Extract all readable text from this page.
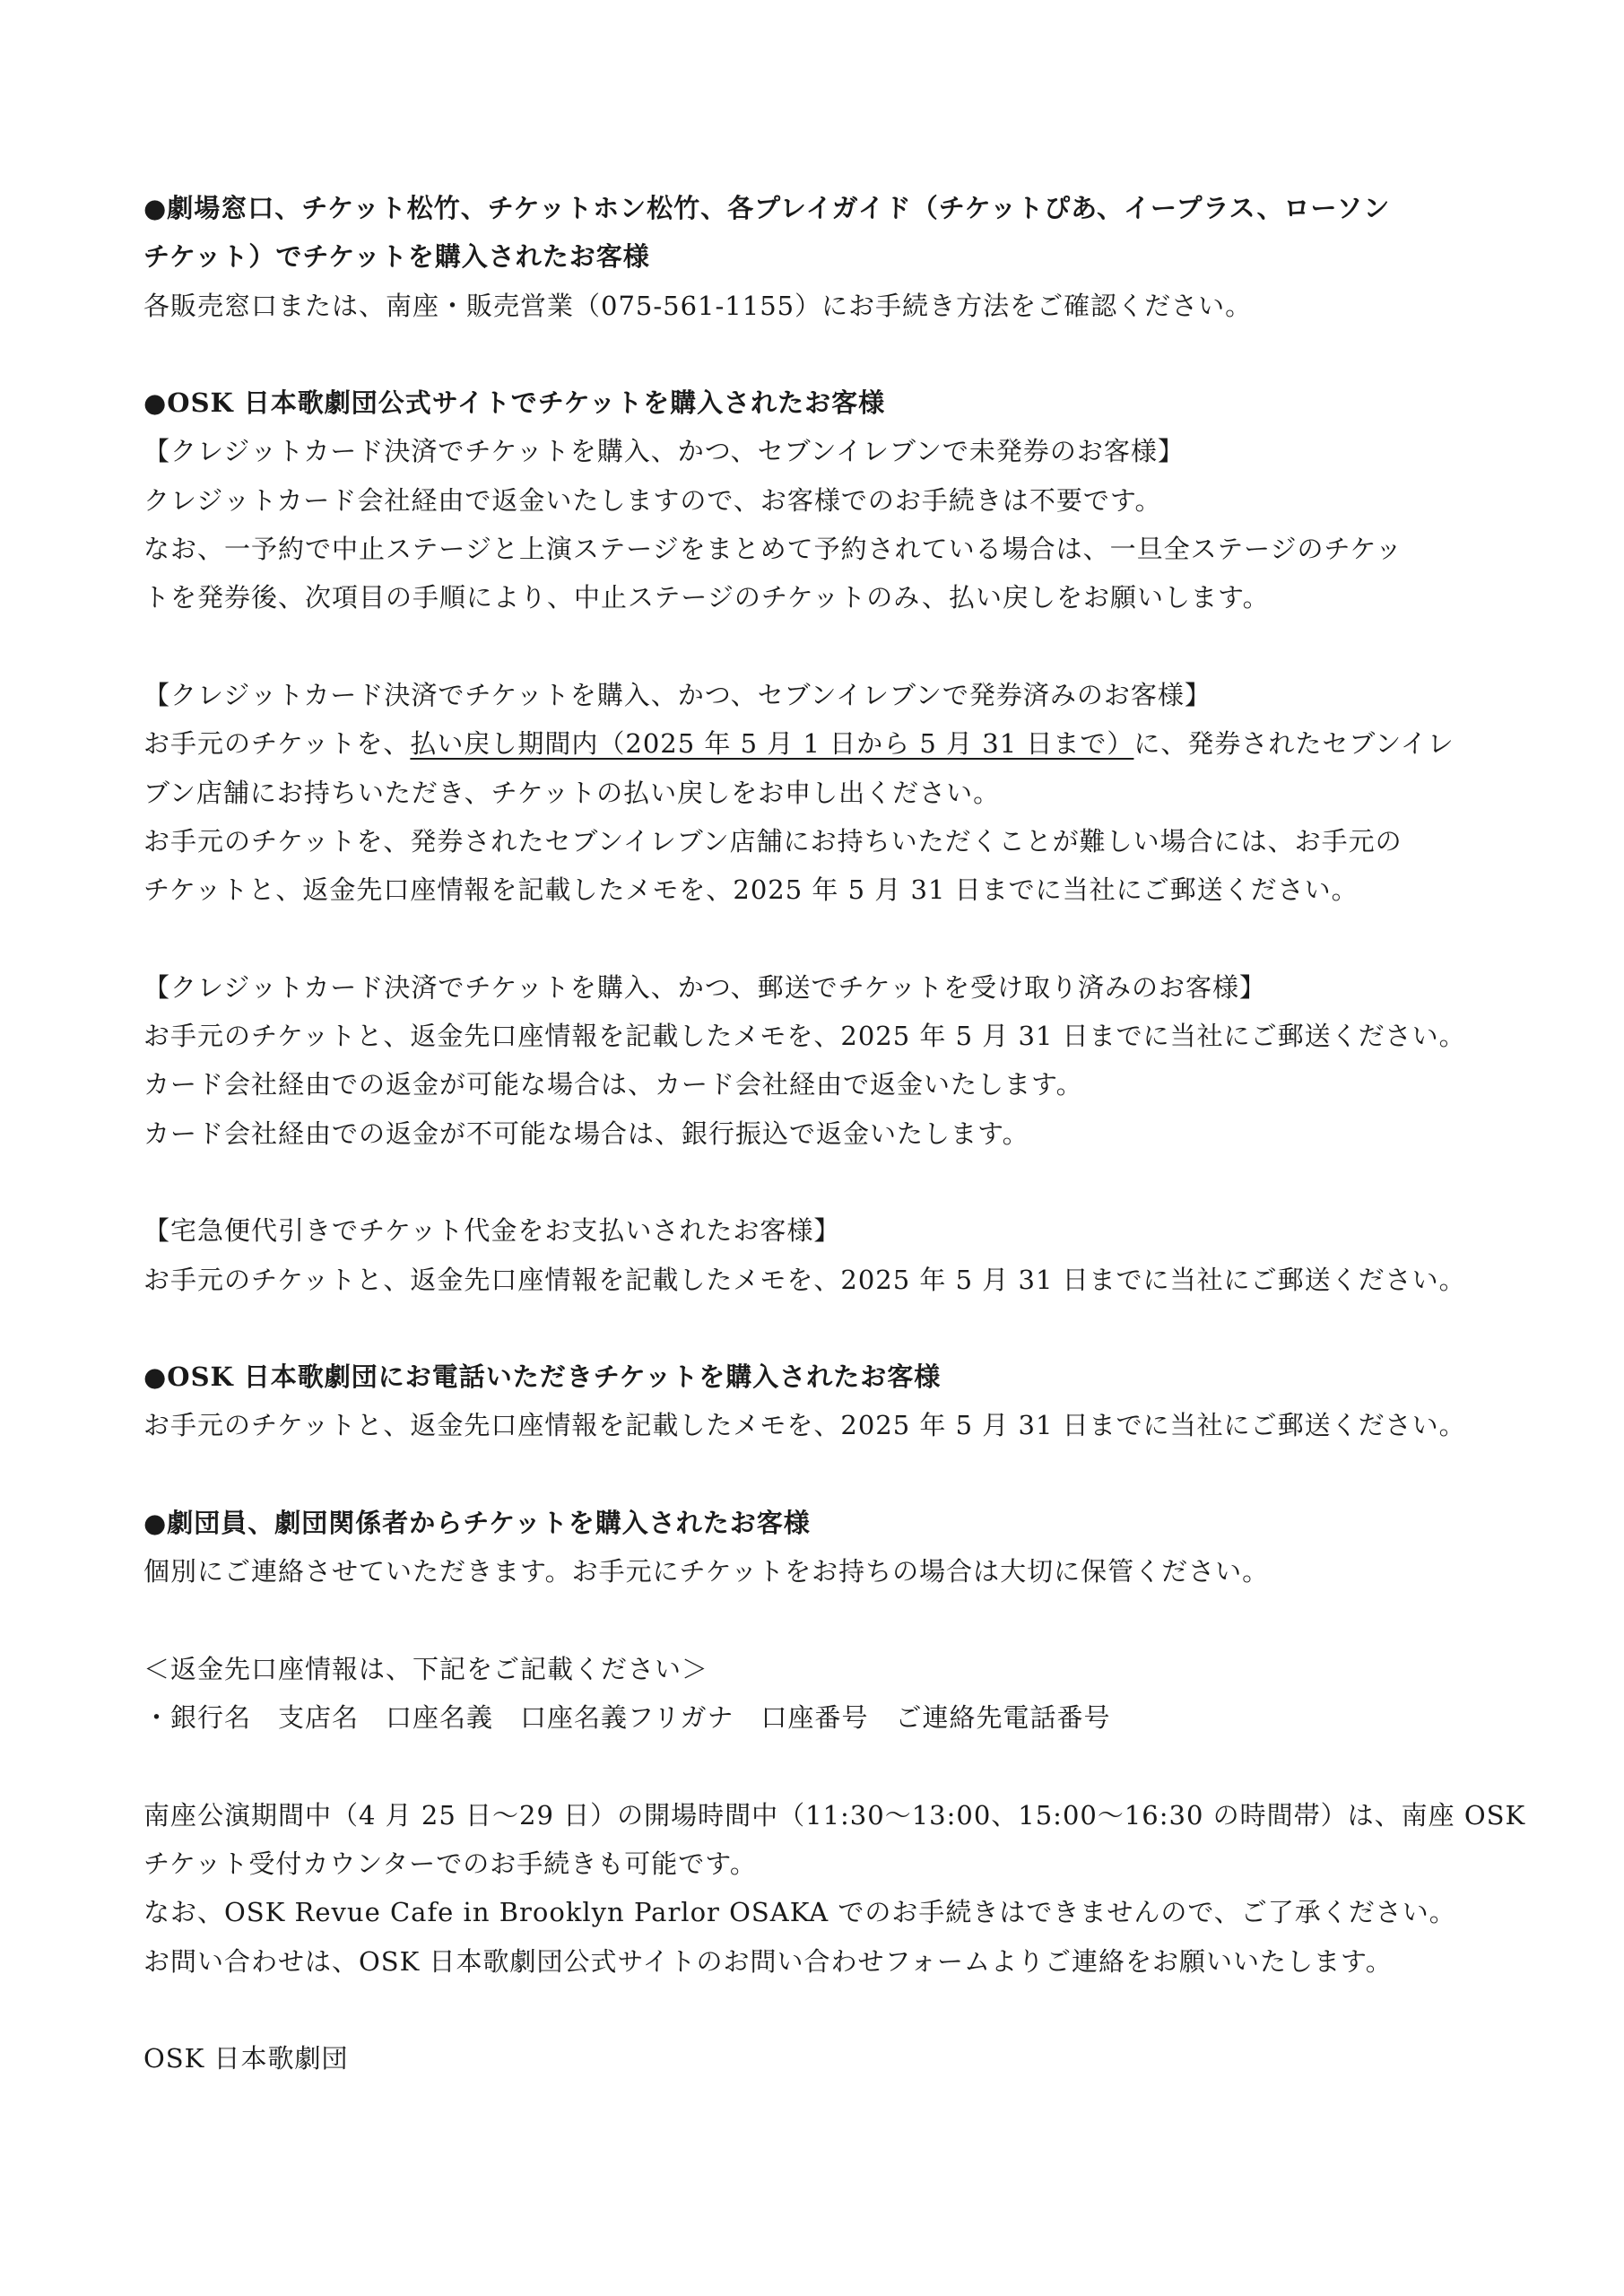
●劇場窓口、チケット松竹、チケットホン松竹、各プレイガイド（チケットぴあ、イープラス、ローソン
チケット）でチケットを購入されたお客様
各販売窓口または、南座・販売営業（075-561-1155）にお手続き方法をご確認ください。
●OSK 日本歌劇団公式サイトでチケットを購入されたお客様
【クレジットカード決済でチケットを購入、かつ、セブンイレブンで未発券のお客様】
クレジットカード会社経由で返金いたしますので、お客様でのお手続きは不要です。
なお、一予約で中止ステージと上演ステージをまとめて予約されている場合は、一旦全ステージのチケッ
トを発券後、次項目の手順により、中止ステージのチケットのみ、払い戻しをお願いします。
【クレジットカード決済でチケットを購入、かつ、セブンイレブンで発券済みのお客様】
お手元のチケットを、払い戻し期間内（2025 年 5 月 1 日から 5 月 31 日まで）に、発券されたセブンイレ
ブン店舗にお持ちいただき、チケットの払い戻しをお申し出ください。
お手元のチケットを、発券されたセブンイレブン店舗にお持ちいただくことが難しい場合には、お手元の
チケットと、返金先口座情報を記載したメモを、2025 年 5 月 31 日までに当社にご郵送ください。
【クレジットカード決済でチケットを購入、かつ、郵送でチケットを受け取り済みのお客様】
お手元のチケットと、返金先口座情報を記載したメモを、2025 年 5 月 31 日までに当社にご郵送ください。
カード会社経由での返金が可能な場合は、カード会社経由で返金いたします。
カード会社経由での返金が不可能な場合は、銀行振込で返金いたします。
【宅急便代引きでチケット代金をお支払いされたお客様】
お手元のチケットと、返金先口座情報を記載したメモを、2025 年 5 月 31 日までに当社にご郵送ください。
●OSK 日本歌劇団にお電話いただきチケットを購入されたお客様
お手元のチケットと、返金先口座情報を記載したメモを、2025 年 5 月 31 日までに当社にご郵送ください。
●劇団員、劇団関係者からチケットを購入されたお客様
個別にご連絡させていただきます。お手元にチケットをお持ちの場合は大切に保管ください。
＜返金先口座情報は、下記をご記載ください＞
・銀行名　支店名　口座名義　口座名義フリガナ　口座番号　ご連絡先電話番号
南座公演期間中（4 月 25 日～29 日）の開場時間中（11:30～13:00、15:00～16:30 の時間帯）は、南座 OSK
チケット受付カウンターでのお手続きも可能です。
なお、OSK Revue Cafe in Brooklyn Parlor OSAKA でのお手続きはできませんので、ご了承ください。
お問い合わせは、OSK 日本歌劇団公式サイトのお問い合わせフォームよりご連絡をお願いいたします。
OSK 日本歌劇団
